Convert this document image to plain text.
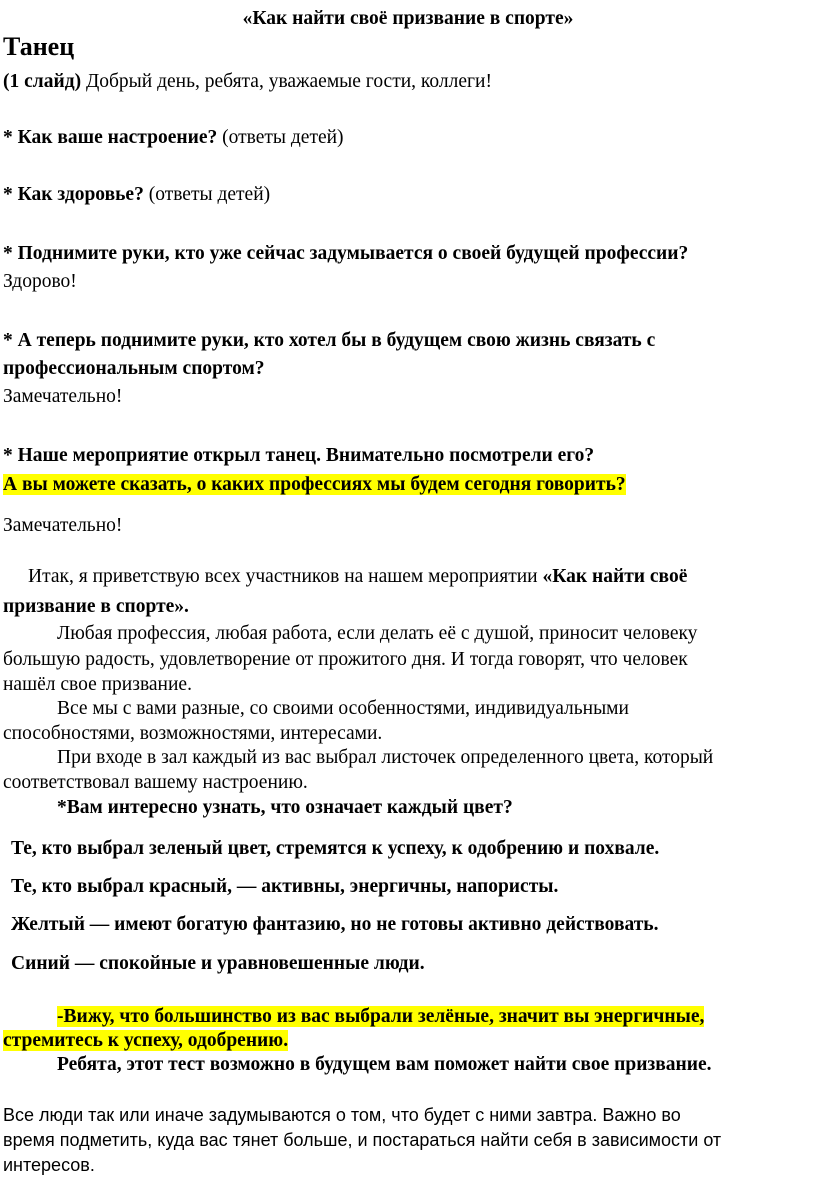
«Как найти своё призвание в спорте»
Танец
(1 слайд) Добрый день, ребята, уважаемые гости, коллеги!
* Как ваше настроение? (ответы детей)
* Как здоровье? (ответы детей)
* Поднимите руки, кто уже сейчас задумывается о своей будущей профессии?
Здорово!
* А теперь поднимите руки, кто хотел бы в будущем свою жизнь связать с
профессиональным спортом?
Замечательно!
* Наше мероприятие открыл танец. Внимательно посмотрели его?
А вы можете сказать, о каких профессиях мы будем сегодня говорить?
Замечательно!
Итак, я приветствую всех участников на нашем мероприятии «Как найти своё
призвание в спорте».
Любая профессия, любая работа, если делать её с душой, приносит человеку
большую радость, удовлетворение от прожитого дня. И тогда говорят, что человек
нашёл свое призвание.
Все мы с вами разные, со своими особенностями, индивидуальными
способностями, возможностями, интересами.
При входе в зал каждый из вас выбрал листочек определенного цвета, который
соответствовал вашему настроению.
*Вам интересно узнать, что означает каждый цвет?
Те, кто выбрал зеленый цвет, стремятся к успеху, к одобрению и похвале.
Те, кто выбрал красный, — активны, энергичны, напористы.
Желтый — имеют богатую фантазию, но не готовы активно действовать.
Синий — спокойные и уравновешенные люди.
-Вижу, что большинство из вас выбрали зелёные, значит вы энергичные,
стремитесь к успеху, одобрению.
Ребята, этот тест возможно в будущем вам поможет найти свое призвание.
Все люди так или иначе задумываются о том, что будет с ними завтра. Важно во
время подметить, куда вас тянет больше, и постараться найти себя в зависимости от
интересов.
